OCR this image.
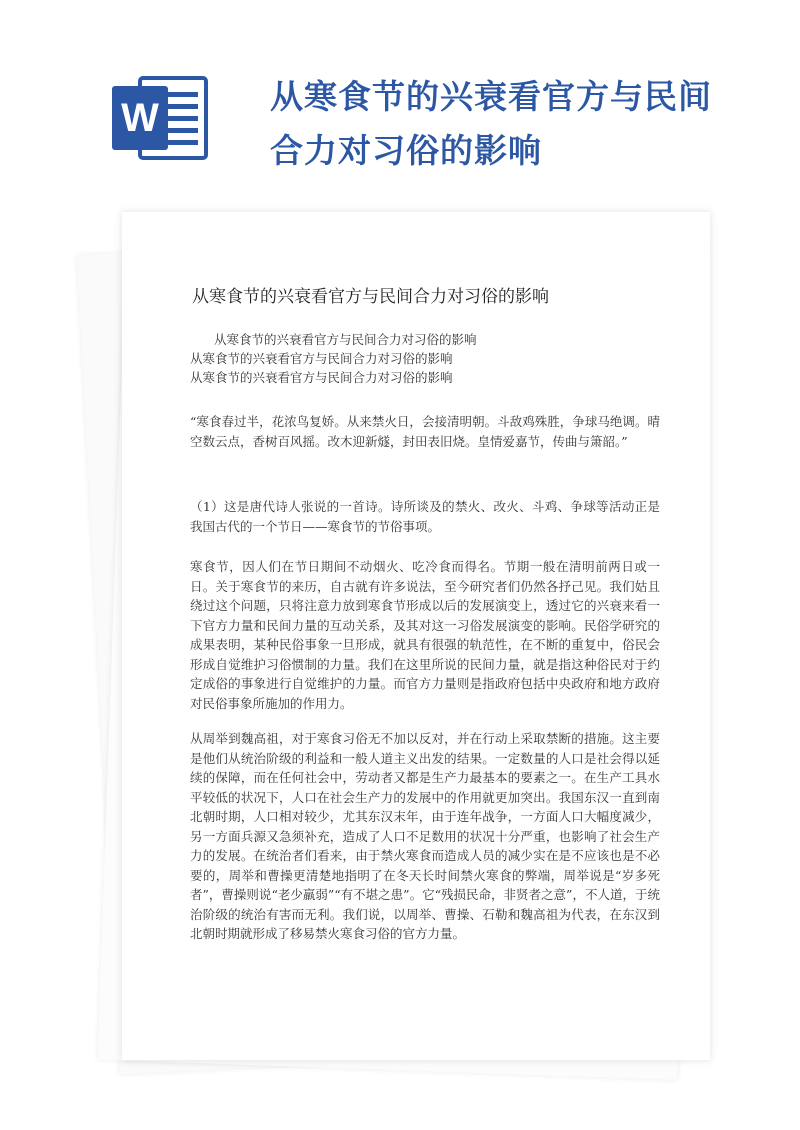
W	从寒食节的兴衰看官方与民间
合力对习俗的影响
从寒食节的兴衰看官方与民间合力对习俗的影响
从寒食节的兴衰看官方与民间合力对习俗的影响
从寒食节的兴衰看官方与民间合力对习俗的影响
从寒食节的兴衰看官方与民间合力对习俗的影响

“寒食春过半，花浓鸟复娇。从来禁火日，会接清明朝。斗敌鸡殊胜，争球马绝调。晴空数云点，香树百风摇。改木迎新燧，封田表旧烧。皇情爱嘉节，传曲与箫韶。”

（1）这是唐代诗人张说的一首诗。诗所谈及的禁火、改火、斗鸡、争球等活动正是我国古代的一个节日——寒食节的节俗事项。

寒食节，因人们在节日期间不动烟火、吃冷食而得名。节期一般在清明前两日或一日。关于寒食节的来历，自古就有许多说法，至今研究者们仍然各抒己见。我们姑且绕过这个问题，只将注意力放到寒食节形成以后的发展演变上，透过它的兴衰来看一下官方力量和民间力量的互动关系，及其对这一习俗发展演变的影响。民俗学研究的成果表明，某种民俗事象一旦形成，就具有很强的轨范性，在不断的重复中，俗民会形成自觉维护习俗惯制的力量。我们在这里所说的民间力量，就是指这种俗民对于约定成俗的事象进行自觉维护的力量。而官方力量则是指政府包括中央政府和地方政府对民俗事象所施加的作用力。

从周举到魏高祖，对于寒食习俗无不加以反对，并在行动上采取禁断的措施。这主要是他们从统治阶级的利益和一般人道主义出发的结果。一定数量的人口是社会得以延续的保障，而在任何社会中，劳动者又都是生产力最基本的要素之一。在生产工具水平较低的状况下，人口在社会生产力的发展中的作用就更加突出。我国东汉一直到南北朝时期，人口相对较少，尤其东汉末年，由于连年战争，一方面人口大幅度减少，另一方面兵源又急须补充，造成了人口不足数用的状况十分严重，也影响了社会生产力的发展。在统治者们看来，由于禁火寒食而造成人员的减少实在是不应该也是不必要的，周举和曹操更清楚地指明了在冬天长时间禁火寒食的弊端，周举说是“岁多死者”，曹操则说“老少羸弱”“有不堪之患”。它“残损民命，非贤者之意”，不人道，于统治阶级的统治有害而无利。我们说，以周举、曹操、石勒和魏高祖为代表，在东汉到北朝时期就形成了移易禁火寒食习俗的官方力量。
